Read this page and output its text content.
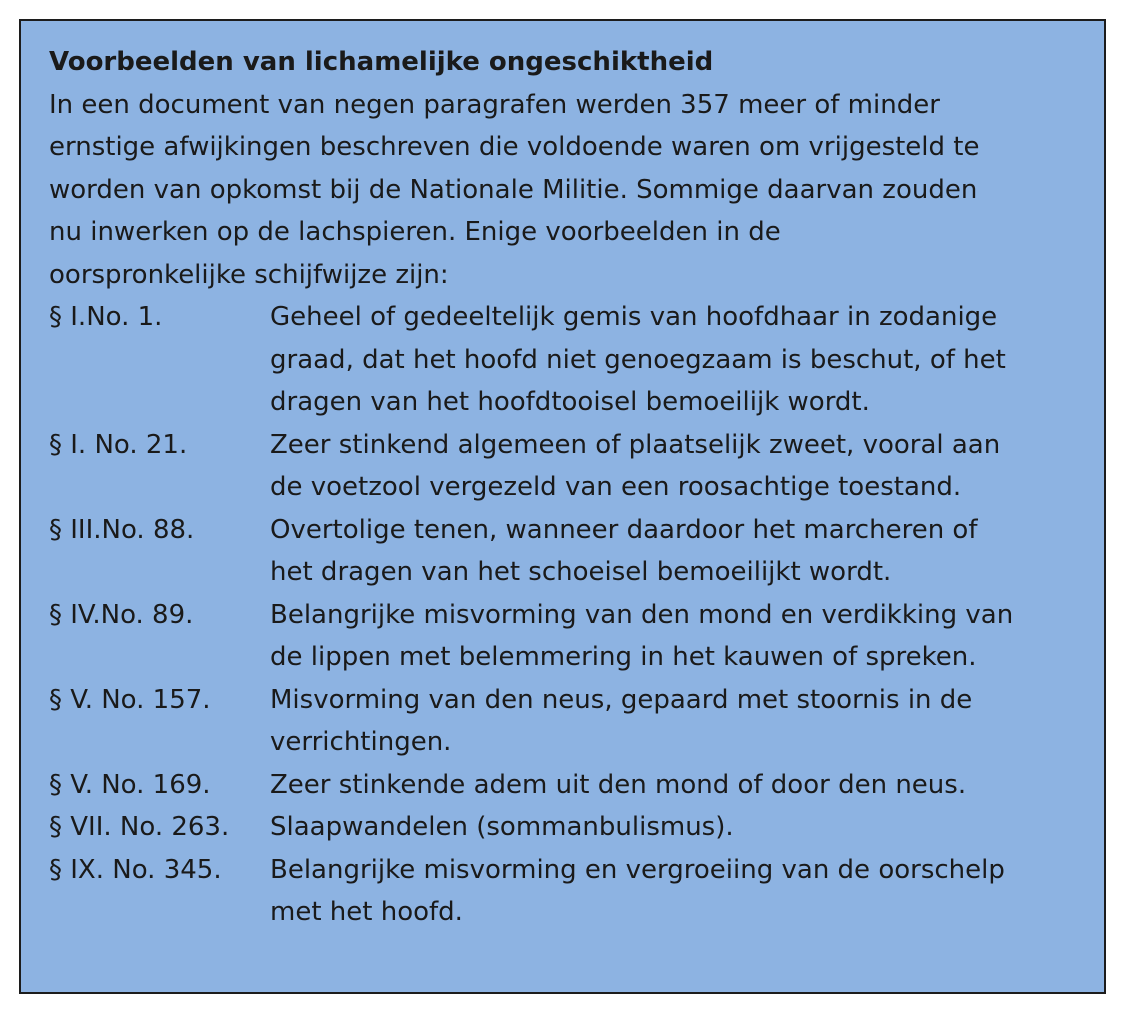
Voorbeelden van lichamelijke ongeschiktheid
In een document van negen paragrafen werden 357 meer of minder
ernstige afwijkingen beschreven die voldoende waren om vrijgesteld te
worden van opkomst bij de Nationale Militie. Sommige daarvan zouden
nu inwerken op de lachspieren. Enige voorbeelden in de
oorspronkelijke schijfwijze zijn:
§ I.No. 1.	Geheel of gedeeltelijk gemis van hoofdhaar in zodanige
graad, dat het hoofd niet genoegzaam is beschut, of het
dragen van het hoofdtooisel bemoeilijk wordt.
§ I. No. 21.	Zeer stinkend algemeen of plaatselijk zweet, vooral aan
de voetzool vergezeld van een roosachtige toestand.
§ III.No. 88.	Overtolige tenen, wanneer daardoor het marcheren of
het dragen van het schoeisel bemoeilijkt wordt.
§ IV.No. 89.	Belangrijke misvorming van den mond en verdikking van
de lippen met belemmering in het kauwen of spreken.
§ V. No. 157.	Misvorming van den neus, gepaard met stoornis in de
verrichtingen.
§ V. No. 169.	Zeer stinkende adem uit den mond of door den neus.
§ VII. No. 263.	Slaapwandelen (sommanbulismus).
§ IX. No. 345.	Belangrijke misvorming en vergroeiing van de oorschelp
met het hoofd.
